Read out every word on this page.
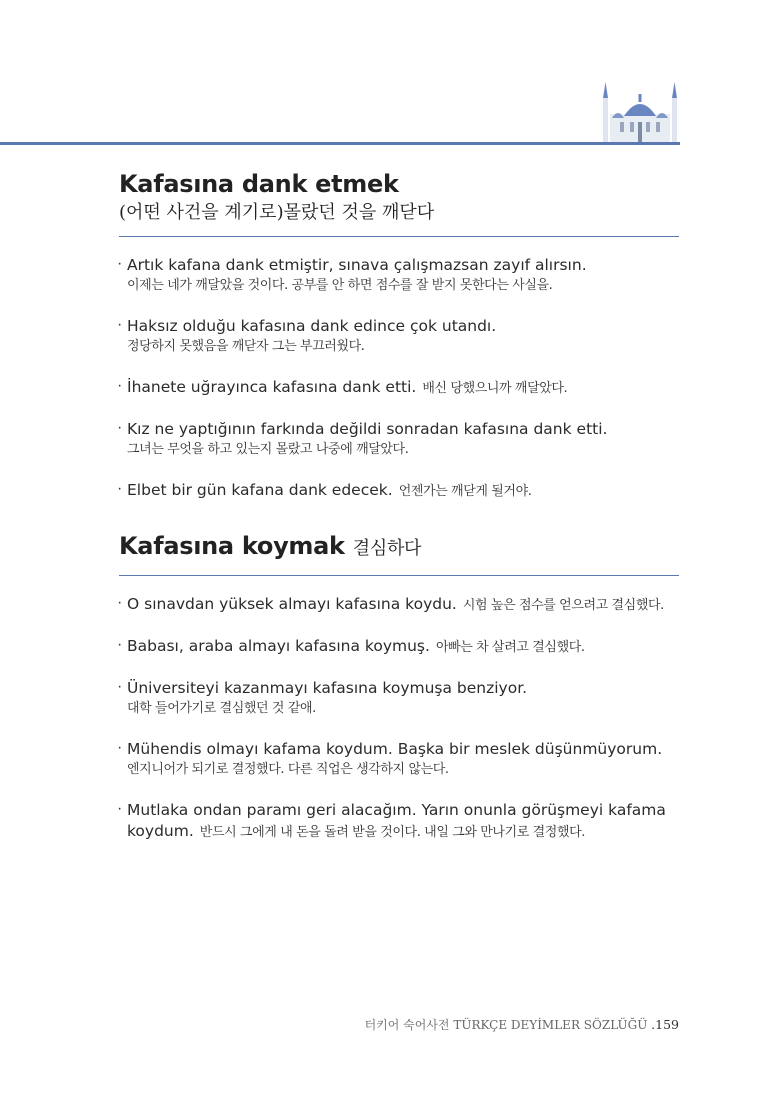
Kafasına dank etmek
(어떤 사건을 계기로)몰랐던 것을 깨닫다
· Artık kafana dank etmiştir, sınava çalışmazsan zayıf alırsın.
이제는 네가 깨달았을 것이다. 공부를 안 하면 점수를 잘 받지 못한다는 사실을.
· Haksız olduğu kafasına dank edince çok utandı.
정당하지 못했음을 깨닫자 그는 부끄러웠다.
· İhanete uğrayınca kafasına dank etti. 배신 당했으니까 깨달았다.
· Kız ne yaptığının farkında değildi sonradan kafasına dank etti.
그녀는 무엇을 하고 있는지 몰랐고 나중에 깨달았다.
· Elbet bir gün kafana dank edecek. 언젠가는 깨닫게 될거야.
Kafasına koymak 결심하다
· O sınavdan yüksek almayı kafasına koydu. 시험 높은 점수를 얻으려고 결심했다.
· Babası, araba almayı kafasına koymuş. 아빠는 차 살려고 결심했다.
· Üniversiteyi kazanmayı kafasına koymuşa benziyor.
대학 들어가기로 결심했던 것 같애.
· Mühendis olmayı kafama koydum. Başka bir meslek düşünmüyorum.
엔지니어가 되기로 결정했다. 다른 직업은 생각하지 않는다.
· Mutlaka ondan paramı geri alacağım. Yarın onunla görüşmeyi kafama koydum. 반드시 그에게 내 돈을 돌려 받을 것이다. 내일 그와 만나기로 결정했다.
터키어 숙어사전 TÜRKÇE DEYİMLER SÖZLÜĞÜ .159
